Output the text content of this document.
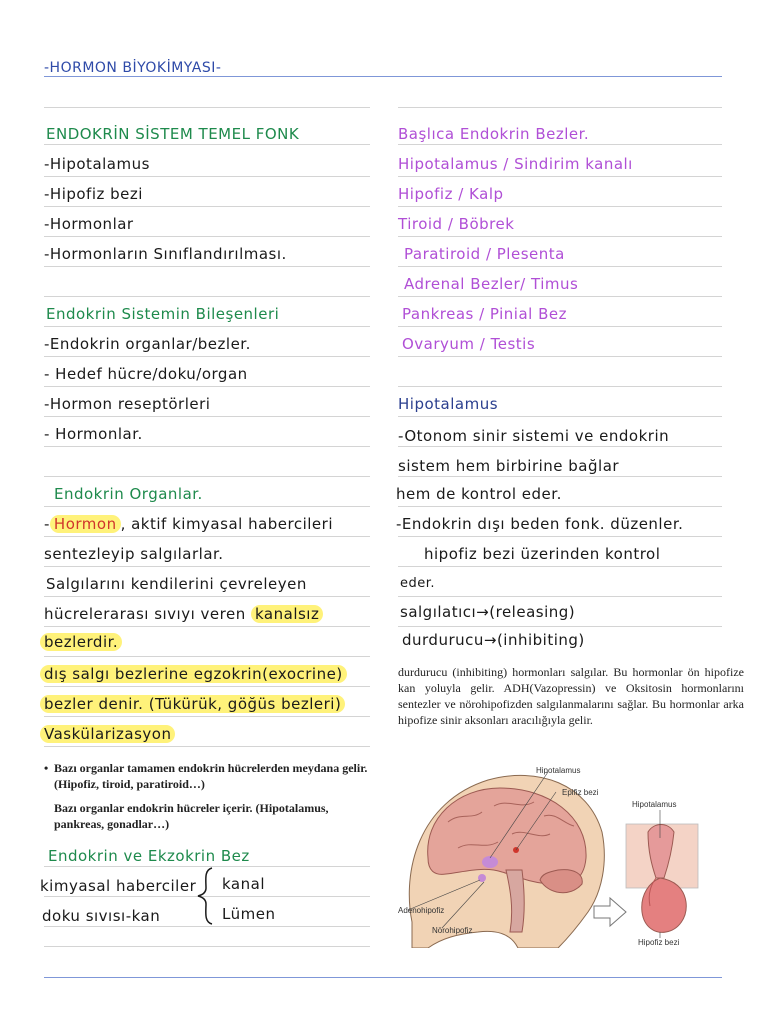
-HORMON BİYOKİMYASI-
ENDOKRİN SİSTEM TEMEL FONK
-Hipotalamus
-Hipofiz bezi
-Hormonlar
-Hormonların Sınıflandırılması.
Endokrin Sistemin Bileşenleri
-Endokrin organlar/bezler.
- Hedef hücre/doku/organ
-Hormon reseptörleri
- Hormonlar.
Endokrin Organlar.
- Hormon , aktif kimyasal habercileri
sentezleyip salgılarlar.
Salgılarını kendilerini çevreleyen
hücrelerarası sıvıyı veren kanalsız
bezlerdir.
dış salgı bezlerine egzokrin(exocrine)
bezler denir. (Tükürük, göğüs bezleri)
Vaskülarizasyon
• Bazı organlar tamamen endokrin hücrelerden meydana gelir. (Hipofiz, tiroid, paratiroid…)
Bazı organlar endokrin hücreler içerir. (Hipotalamus, pankreas, gonadlar…)
Endokrin ve Ekzokrin Bez
kimyasal haberciler
doku sıvısı-kan
kanal
Lümen
Başlıca Endokrin Bezler.
Hipotalamus / Sindirim kanalı
Hipofiz / Kalp
Tiroid / Böbrek
Paratiroid / Plesenta
Adrenal Bezler/ Timus
Pankreas / Pinial Bez
Ovaryum / Testis
Hipotalamus
-Otonom sinir sistemi ve endokrin
sistem hem birbirine bağlar
hem de kontrol eder.
-Endokrin dışı beden fonk. düzenler.
hipofiz bezi üzerinden kontrol
eder.
salgılatıcı→(releasing)
durdurucu→(inhibiting)
durdurucu (inhibiting) hormonları salgılar. Bu hormonlar ön hipofize kan yoluyla gelir. ADH(Vazopressin) ve Oksitosin hormonlarını sentezler ve nörohipofizden salgılanmalarını sağlar. Bu hormonlar arka hipofize sinir aksonları aracılığıyla gelir.
Hipotalamus
Epifiz bezi
Adenohipofiz
Nörohipofiz
Hipotalamus
Hipofiz bezi
